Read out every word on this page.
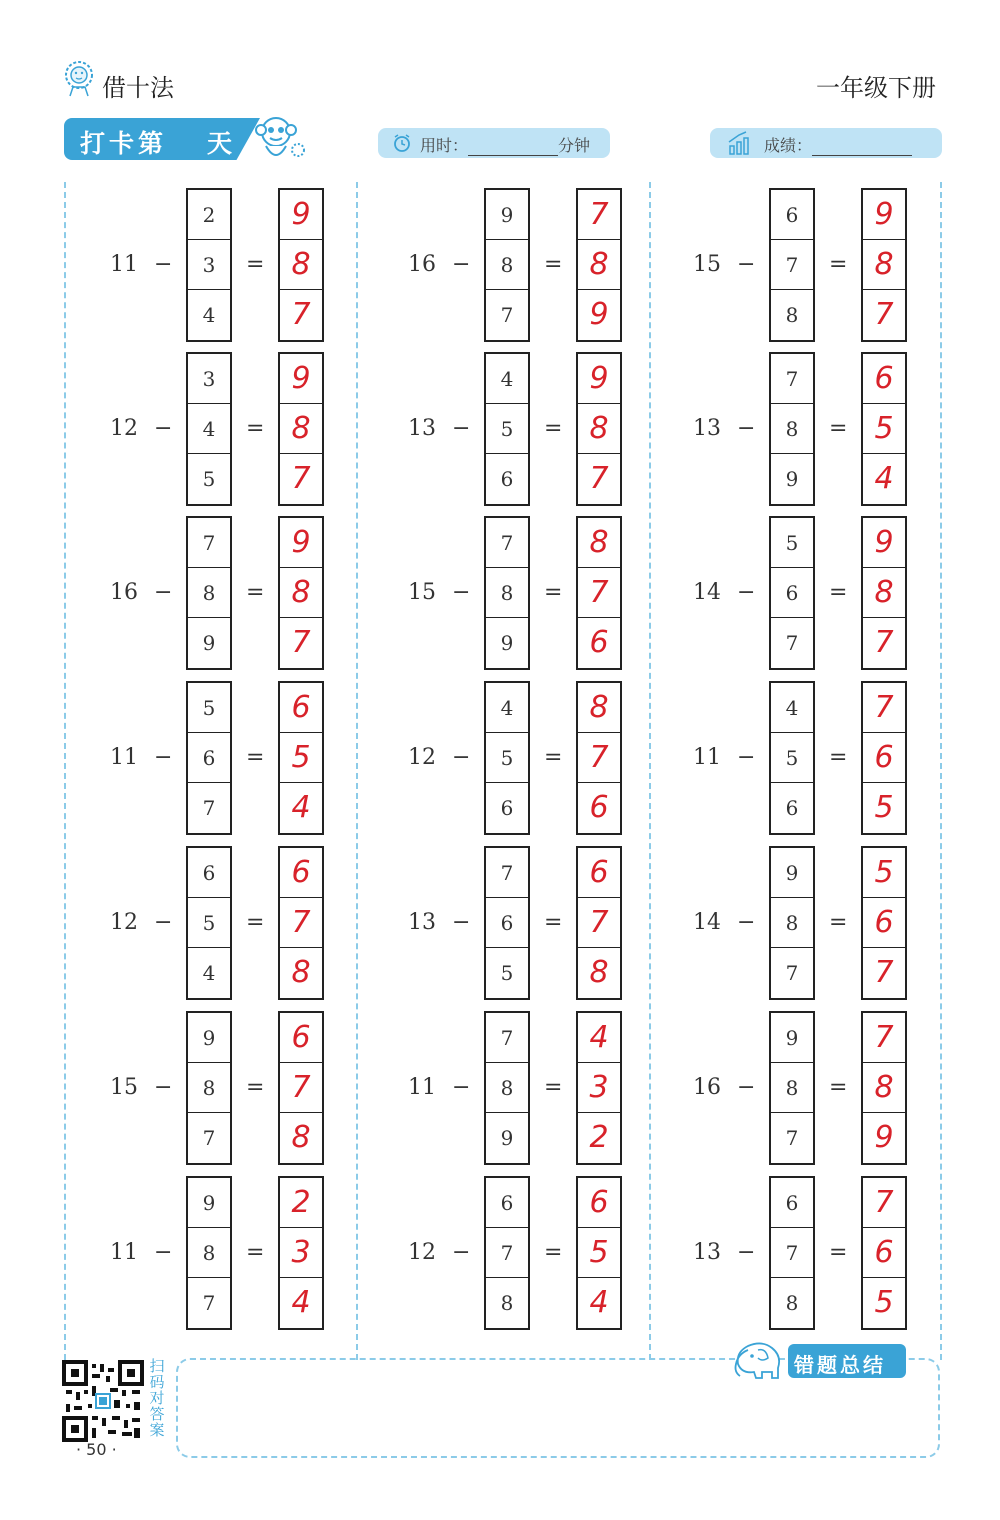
借十法	一年级下册
打卡第 天	用时：	分钟	成绩：
11 −
2
3
4
=
9
8
7
12 −
3
4
5
=
9
8
7
16 −
7
8
9
=
9
8
7
11 −
5
6
7
=
6
5
4
12 −
6
5
4
=
6
7
8
15 −
9
8
7
=
6
7
8
11 −
9
8
7
=
2
3
4
16 −
9
8
7
=
7
8
9
13 −
4
5
6
=
9
8
7
15 −
7
8
9
=
8
7
6
12 −
4
5
6
=
8
7
6
13 −
7
6
5
=
6
7
8
11 −
7
8
9
=
4
3
2
12 −
6
7
8
=
6
5
4
15 −
6
7
8
=
9
8
7
13 −
7
8
9
=
6
5
4
14 −
5
6
7
=
9
8
7
11 −
4
5
6
=
7
6
5
14 −
9
8
7
=
5
6
7
16 −
9
8
7
=
7
8
9
13 −
6
7
8
=
7
6
5
扫码对答案
· 50 ·
错题总结
